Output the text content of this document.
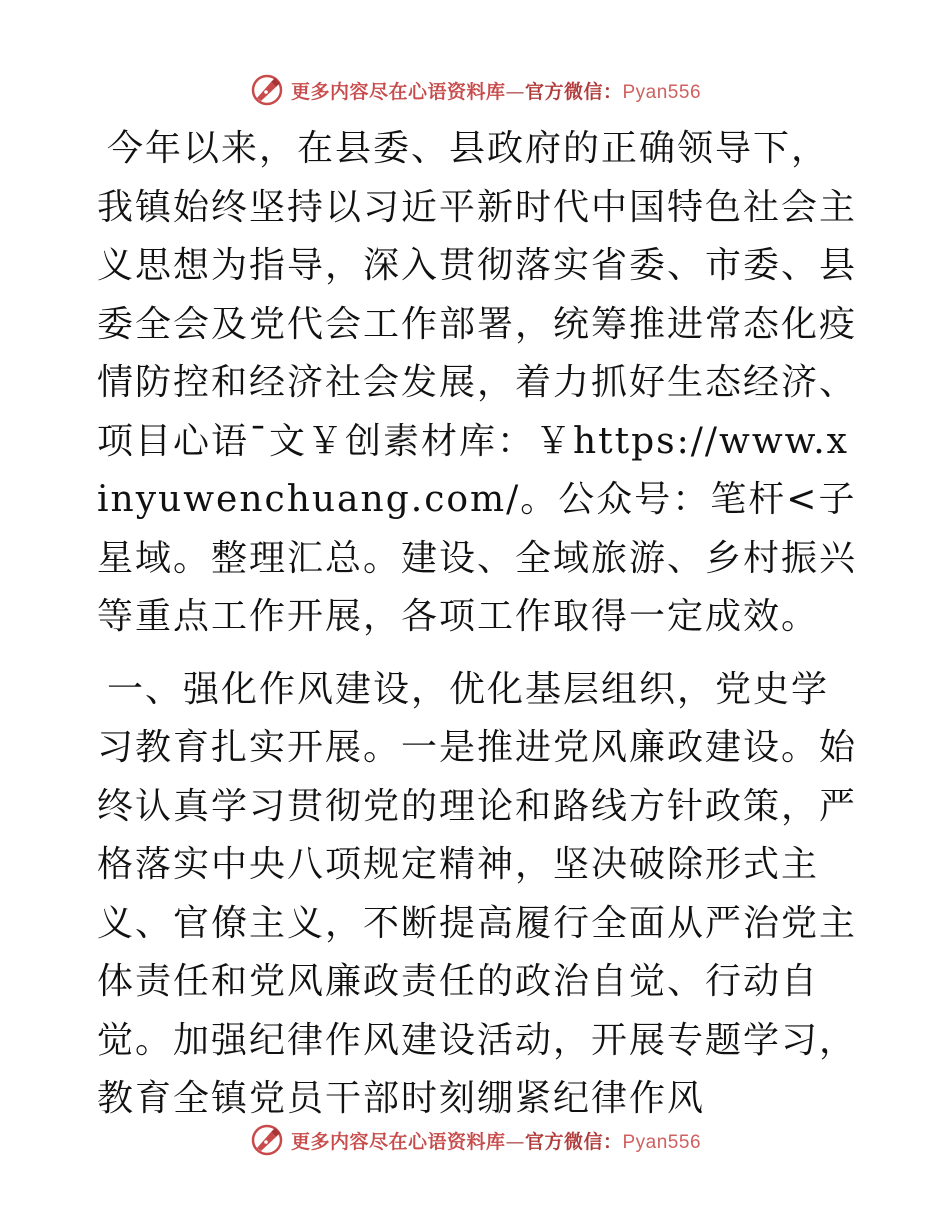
更多内容尽在心语资料库—官方微信：Pyan556

今年以来，在县委、县政府的正确领导下，我镇始终坚持以习近平新时代中国特色社会主义思想为指导，深入贯彻落实省委、市委、县委全会及党代会工作部署，统筹推进常态化疫情防控和经济社会发展，着力抓好生态经济、项目心语¯文￥创素材库：￥https://www.xinyuwenchuang.com/。公众号：笔杆<子星域。整理汇总。建设、全域旅游、乡村振兴等重点工作开展，各项工作取得一定成效。

一、强化作风建设，优化基层组织，党史学习教育扎实开展。一是推进党风廉政建设。始终认真学习贯彻党的理论和路线方针政策，严格落实中央八项规定精神，坚决破除形式主义、官僚主义，不断提高履行全面从严治党主体责任和党风廉政责任的政治自觉、行动自觉。加强纪律作风建设活动，开展专题学习，教育全镇党员干部时刻绷紧纪律作风

更多内容尽在心语资料库—官方微信：Pyan556
